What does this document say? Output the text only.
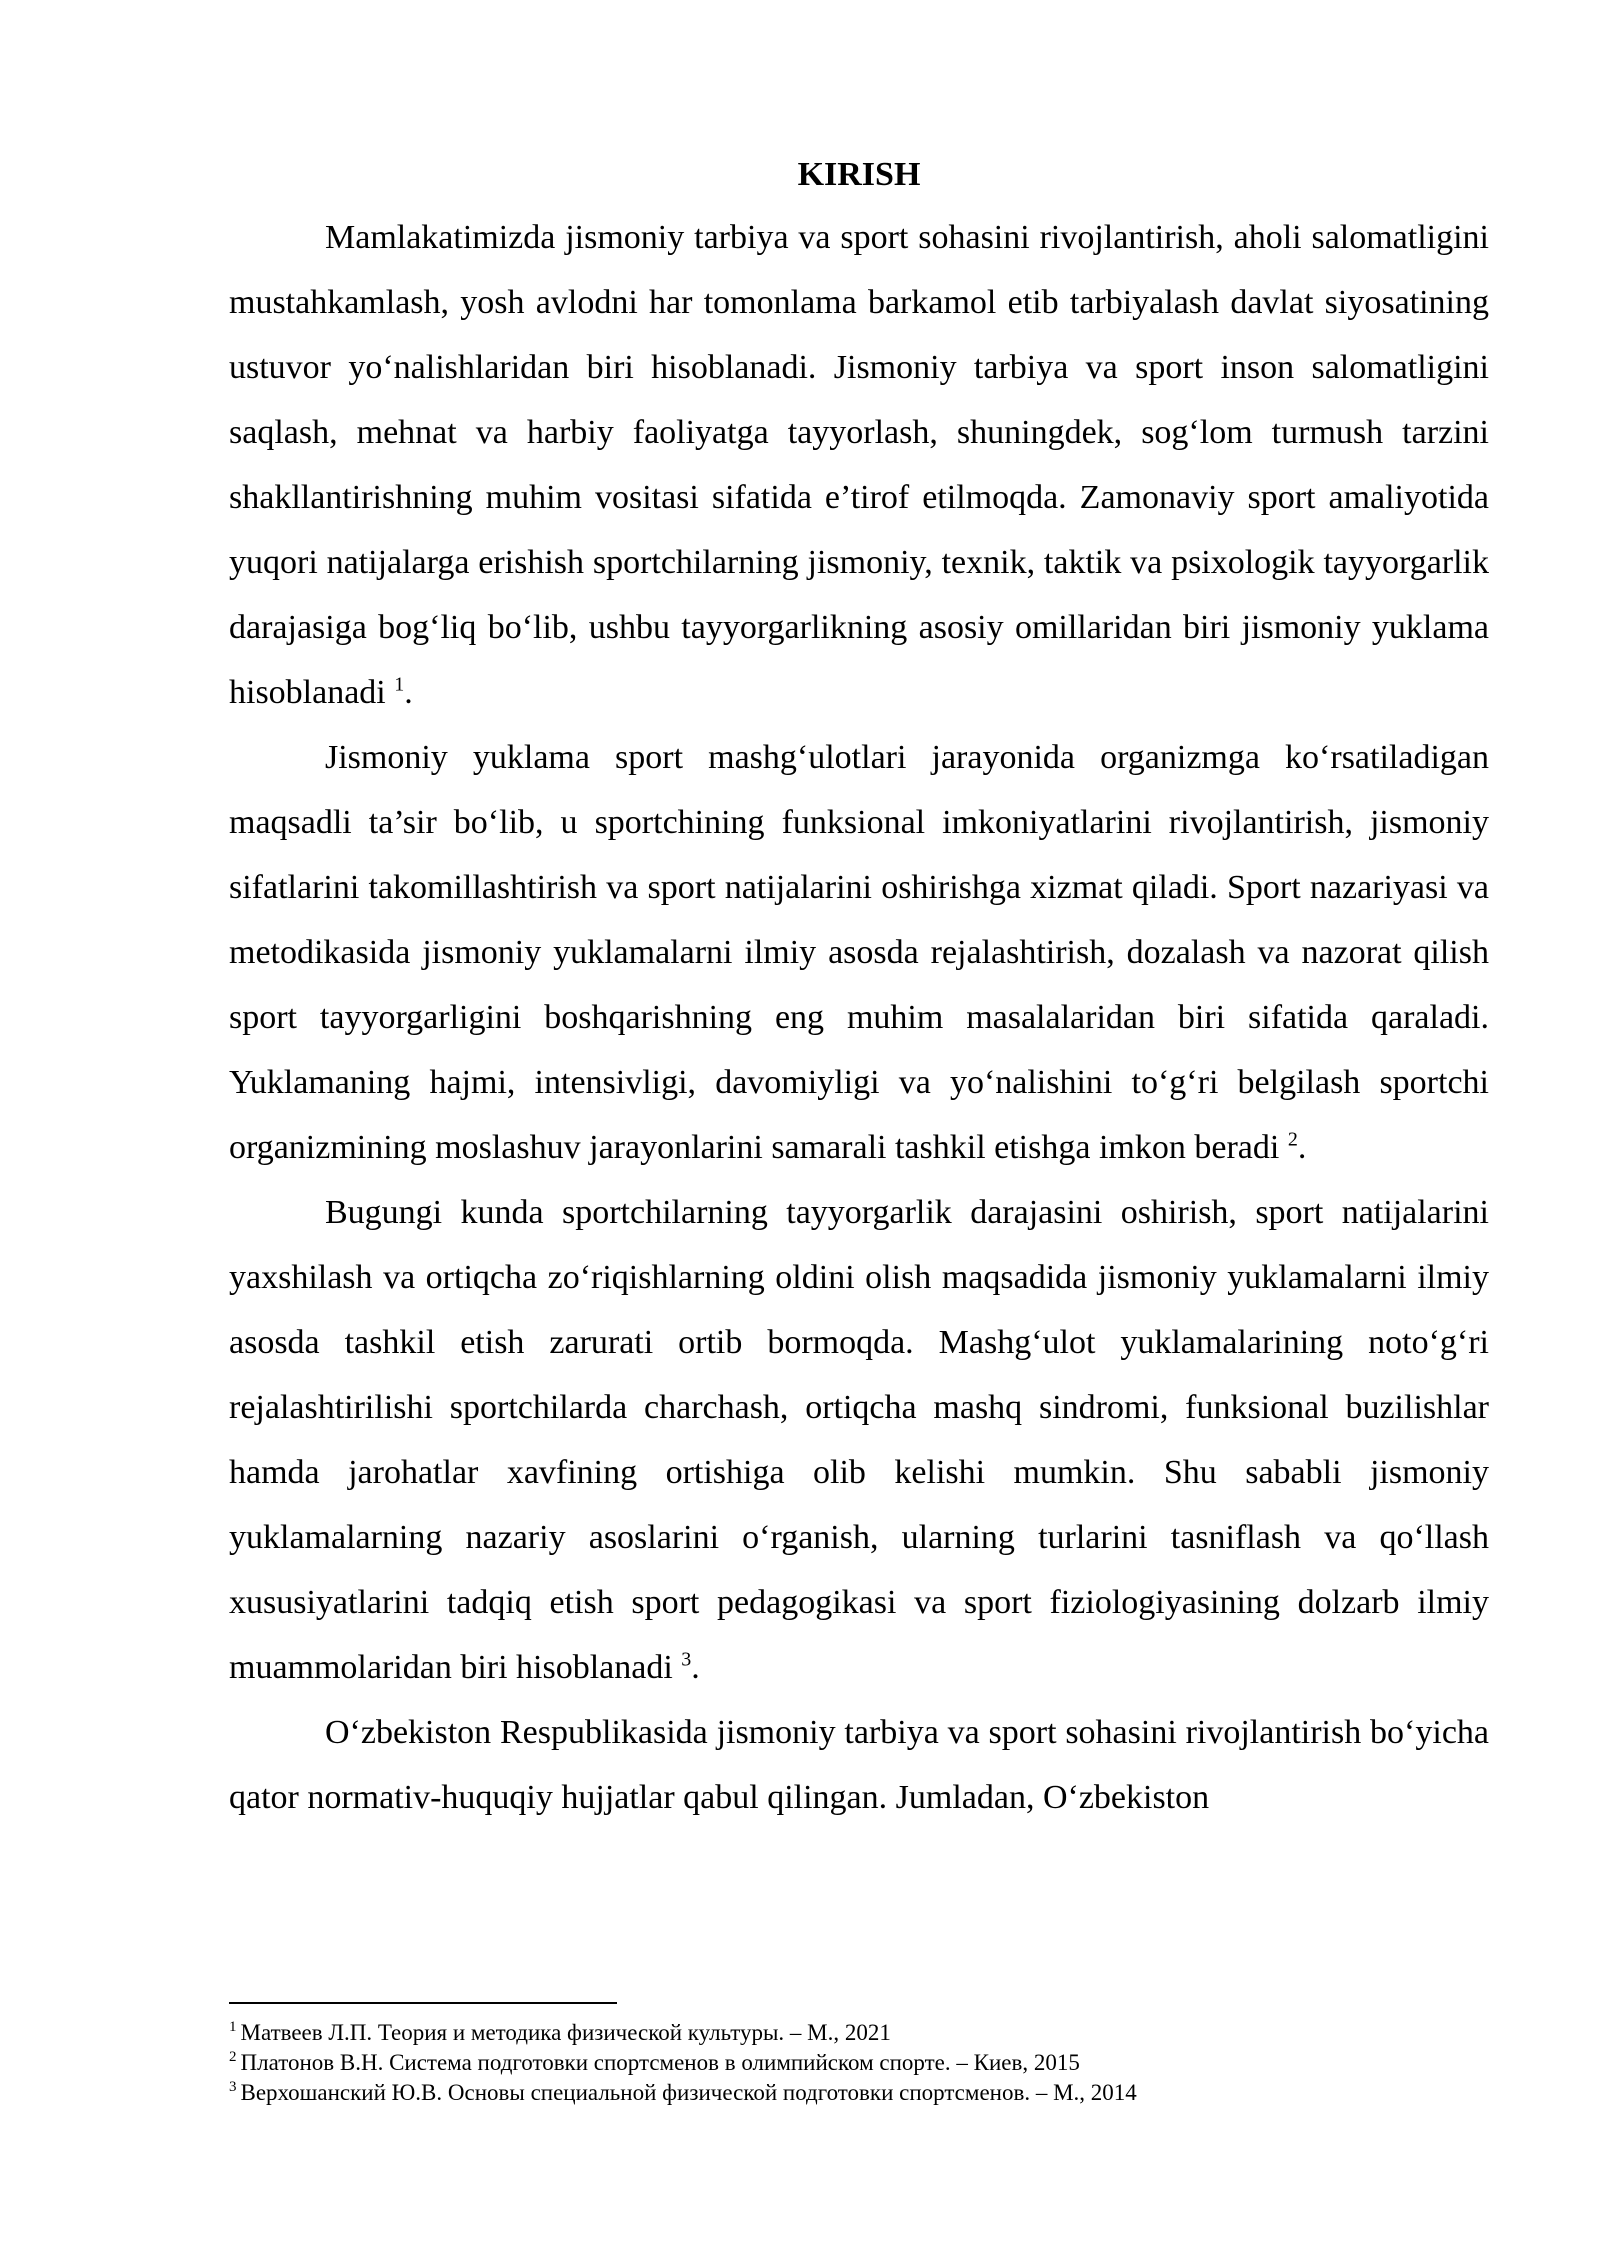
KIRISH

Mamlakatimizda jismoniy tarbiya va sport sohasini rivojlantirish, aholi salomatligini mustahkamlash, yosh avlodni har tomonlama barkamol etib tarbiyalash davlat siyosatining ustuvor yo‘nalishlaridan biri hisoblanadi. Jismoniy tarbiya va sport inson salomatligini saqlash, mehnat va harbiy faoliyatga tayyorlash, shuningdek, sog‘lom turmush tarzini shakllantirishning muhim vositasi sifatida e’tirof etilmoqda. Zamonaviy sport amaliyotida yuqori natijalarga erishish sportchilarning jismoniy, texnik, taktik va psixologik tayyorgarlik darajasiga bog‘liq bo‘lib, ushbu tayyorgarlikning asosiy omillaridan biri jismoniy yuklama hisoblanadi $^1$.

Jismoniy yuklama sport mashg‘ulotlari jarayonida organizmga ko‘rsatiladigan maqsadli ta’sir bo‘lib, u sportchining funksional imkoniyatlarini rivojlantirish, jismoniy sifatlarini takomillashtirish va sport natijalarini oshirishga xizmat qiladi. Sport nazariyasi va metodikasida jismoniy yuklamalarni ilmiy asosda rejalashtirish, dozalash va nazorat qilish sport tayyorgarligini boshqarishning eng muhim masalalaridan biri sifatida qaraladi. Yuklamaning hajmi, intensivligi, davomiyligi va yo‘nalishini to‘g‘ri belgilash sportchi organizmining moslashuv jarayonlarini samarali tashkil etishga imkon beradi $^2$.

Bugungi kunda sportchilarning tayyorgarlik darajasini oshirish, sport natijalarini yaxshilash va ortiqcha zo‘riqishlarning oldini olish maqsadida jismoniy yuklamalarni ilmiy asosda tashkil etish zarurati ortib bormoqda. Mashg‘ulot yuklamalarining noto‘g‘ri rejalashtirilishi sportchilarda charchash, ortiqcha mashq sindromi, funksional buzilishlar hamda jarohatlar xavfining ortishiga olib kelishi mumkin. Shu sababli jismoniy yuklamalarning nazariy asoslarini o‘rganish, ularning turlarini tasniflash va qo‘llash xususiyatlarini tadqiq etish sport pedagogikasi va sport fiziologiyasining dolzarb ilmiy muammolaridan biri hisoblanadi $^3$.

O‘zbekiston Respublikasida jismoniy tarbiya va sport sohasini rivojlantirish bo‘yicha qator normativ-huquqiy hujjatlar qabul qilingan. Jumladan, O‘zbekiston

$^1$ Матвеев Л.П. Теория и методика физической культуры. – М., 2021

$^2$ Платонов В.Н. Система подготовки спортсменов в олимпийском спорте. – Киев, 2015

$^3$ Верхошанский Ю.В. Основы специальной физической подготовки спортсменов. – М., 2014
